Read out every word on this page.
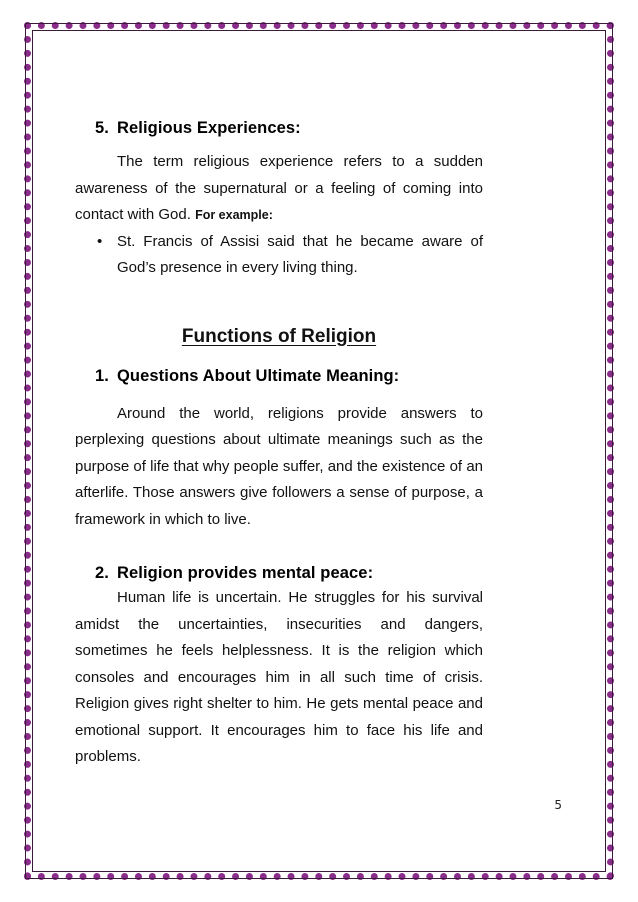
5. Religious Experiences:

The term religious experience refers to a sudden awareness of the supernatural or a feeling of coming into contact with God. For example:

• St. Francis of Assisi said that he became aware of God’s presence in every living thing.

Functions of Religion
1. Questions About Ultimate Meaning:

Around the world, religions provide answers to perplexing questions about ultimate meanings such as the purpose of life that why people suffer, and the existence of an afterlife. Those answers give followers a sense of purpose, a framework in which to live.

2. Religion provides mental peace:

Human life is uncertain. He struggles for his survival amidst the uncertainties, insecurities and dangers, sometimes he feels helplessness. It is the religion which consoles and encourages him in all such time of crisis. Religion gives right shelter to him. He gets mental peace and emotional support. It encourages him to face his life and problems.

5
